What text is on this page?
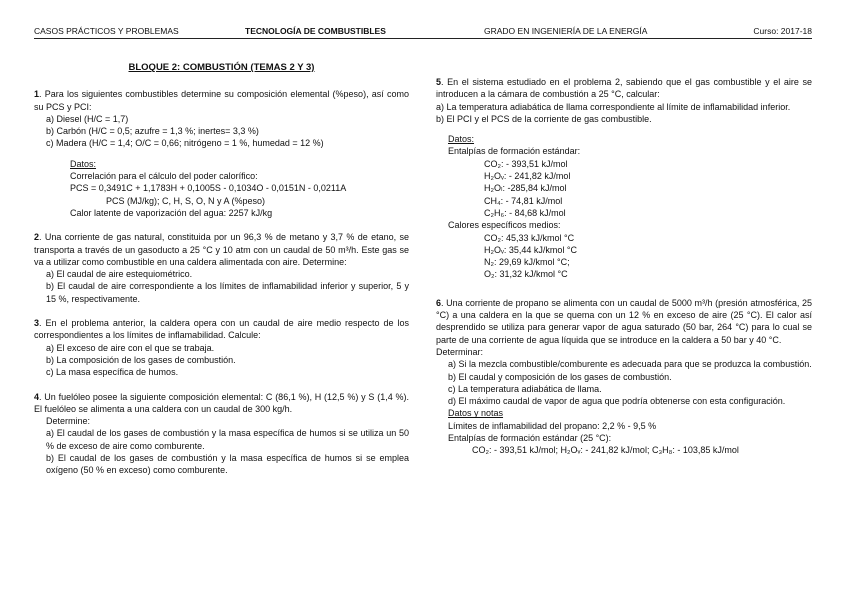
CASOS PRÁCTICOS Y PROBLEMAS	TECNOLOGÍA DE COMBUSTIBLES	GRADO EN INGENIERÍA DE LA ENERGÍA	Curso: 2017-18
BLOQUE 2: COMBUSTIÓN (TEMAS 2 Y 3)
1. Para los siguientes combustibles determine su composición elemental (%peso), así como su PCS y PCI:
a) Diesel (H/C = 1,7)
b) Carbón (H/C = 0,5; azufre = 1,3 %; inertes= 3,3 %)
c) Madera (H/C = 1,4; O/C = 0,66; nitrógeno = 1 %, humedad = 12 %)
Datos:
Correlación para el cálculo del poder calorífico:
PCS = 0,3491C + 1,1783H + 0,1005S - 0,1034O - 0,0151N - 0,0211A
PCS (MJ/kg); C, H, S, O, N y A (%peso)
Calor latente de vaporización del agua: 2257 kJ/kg
2. Una corriente de gas natural, constituida por un 96,3 % de metano y 3,7 % de etano, se transporta a través de un gasoducto a 25 °C y 10 atm con un caudal de 50 m³/h. Este gas se va a utilizar como combustible en una caldera alimentada con aire. Determine:
a) El caudal de aire estequiométrico.
b) El caudal de aire correspondiente a los límites de inflamabilidad inferior y superior, 5 y 15 %, respectivamente.
3. En el problema anterior, la caldera opera con un caudal de aire medio respecto de los correspondientes a los límites de inflamabilidad. Calcule:
a) El exceso de aire con el que se trabaja.
b) La composición de los gases de combustión.
c) La masa específica de humos.
4. Un fuelóleo posee la siguiente composición elemental: C (86,1 %), H (12,5 %) y S (1,4 %). El fuelóleo se alimenta a una caldera con un caudal de 300 kg/h.
Determine:
a) El caudal de los gases de combustión y la masa específica de humos si se utiliza un 50 % de exceso de aire como comburente.
b) El caudal de los gases de combustión y la masa específica de humos si se emplea oxígeno (50 % en exceso) como comburente.
5. En el sistema estudiado en el problema 2, sabiendo que el gas combustible y el aire se introducen a la cámara de combustión a 25 °C, calcular:
a) La temperatura adiabática de llama correspondiente al límite de inflamabilidad inferior.
b) El PCI y el PCS de la corriente de gas combustible.
Datos:
Entalpías de formación estándar:
CO₂: - 393,51 kJ/mol
H₂Oᵥ: - 241,82 kJ/mol
H₂Oₗ: -285,84 kJ/mol
CH₄: - 74,81 kJ/mol
C₂H₆: - 84,68 kJ/mol
Calores específicos medios:
CO₂: 45,33 kJ/kmol °C
H₂Oᵥ: 35,44 kJ/kmol °C
N₂: 29,69 kJ/kmol °C;
O₂: 31,32 kJ/kmol °C
6. Una corriente de propano se alimenta con un caudal de 5000 m³/h (presión atmosférica, 25 °C) a una caldera en la que se quema con un 12 % en exceso de aire (25 °C). El calor así desprendido se utiliza para generar vapor de agua saturado (50 bar, 264 °C) para lo cual se parte de una corriente de agua líquida que se introduce en la caldera a 50 bar y 40 °C.
Determinar:
a) Si la mezcla combustible/comburente es adecuada para que se produzca la combustión.
b) El caudal y composición de los gases de combustión.
c) La temperatura adiabática de llama.
d) El máximo caudal de vapor de agua que podría obtenerse con esta configuración.
Datos y notas
Límites de inflamabilidad del propano: 2,2 % - 9,5 %
Entalpías de formación estándar (25 °C):
CO₂: - 393,51 kJ/mol; H₂Oᵥ: - 241,82 kJ/mol; C₃H₈: - 103,85 kJ/mol
